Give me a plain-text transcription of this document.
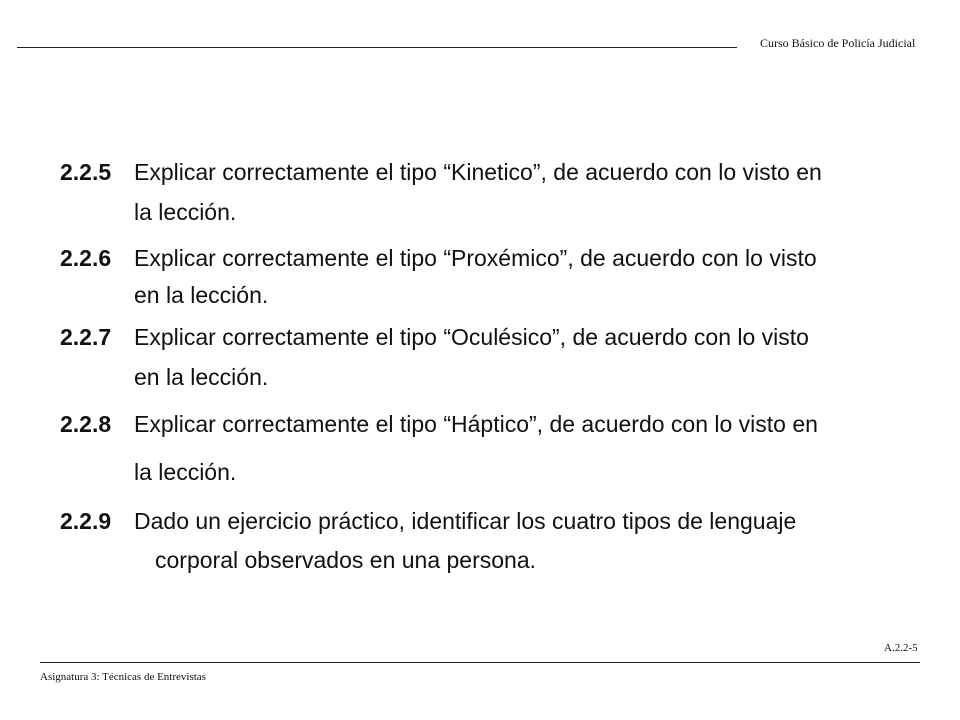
Curso Básico de Policía Judicial
2.2.5 Explicar correctamente el tipo “Kinetico”, de acuerdo con lo visto en
la lección.
2.2.6 Explicar correctamente el tipo “Proxémico”, de acuerdo con lo visto
en la lección.
2.2.7 Explicar correctamente el tipo “Oculésico”, de acuerdo con lo visto
en la lección.
2.2.8 Explicar correctamente el tipo “Háptico”, de acuerdo con lo visto en
la lección.
2.2.9 Dado un ejercicio práctico, identificar los cuatro tipos de lenguaje
corporal observados en una persona.
A.2.2-5
Asignatura 3: Técnicas de Entrevistas
